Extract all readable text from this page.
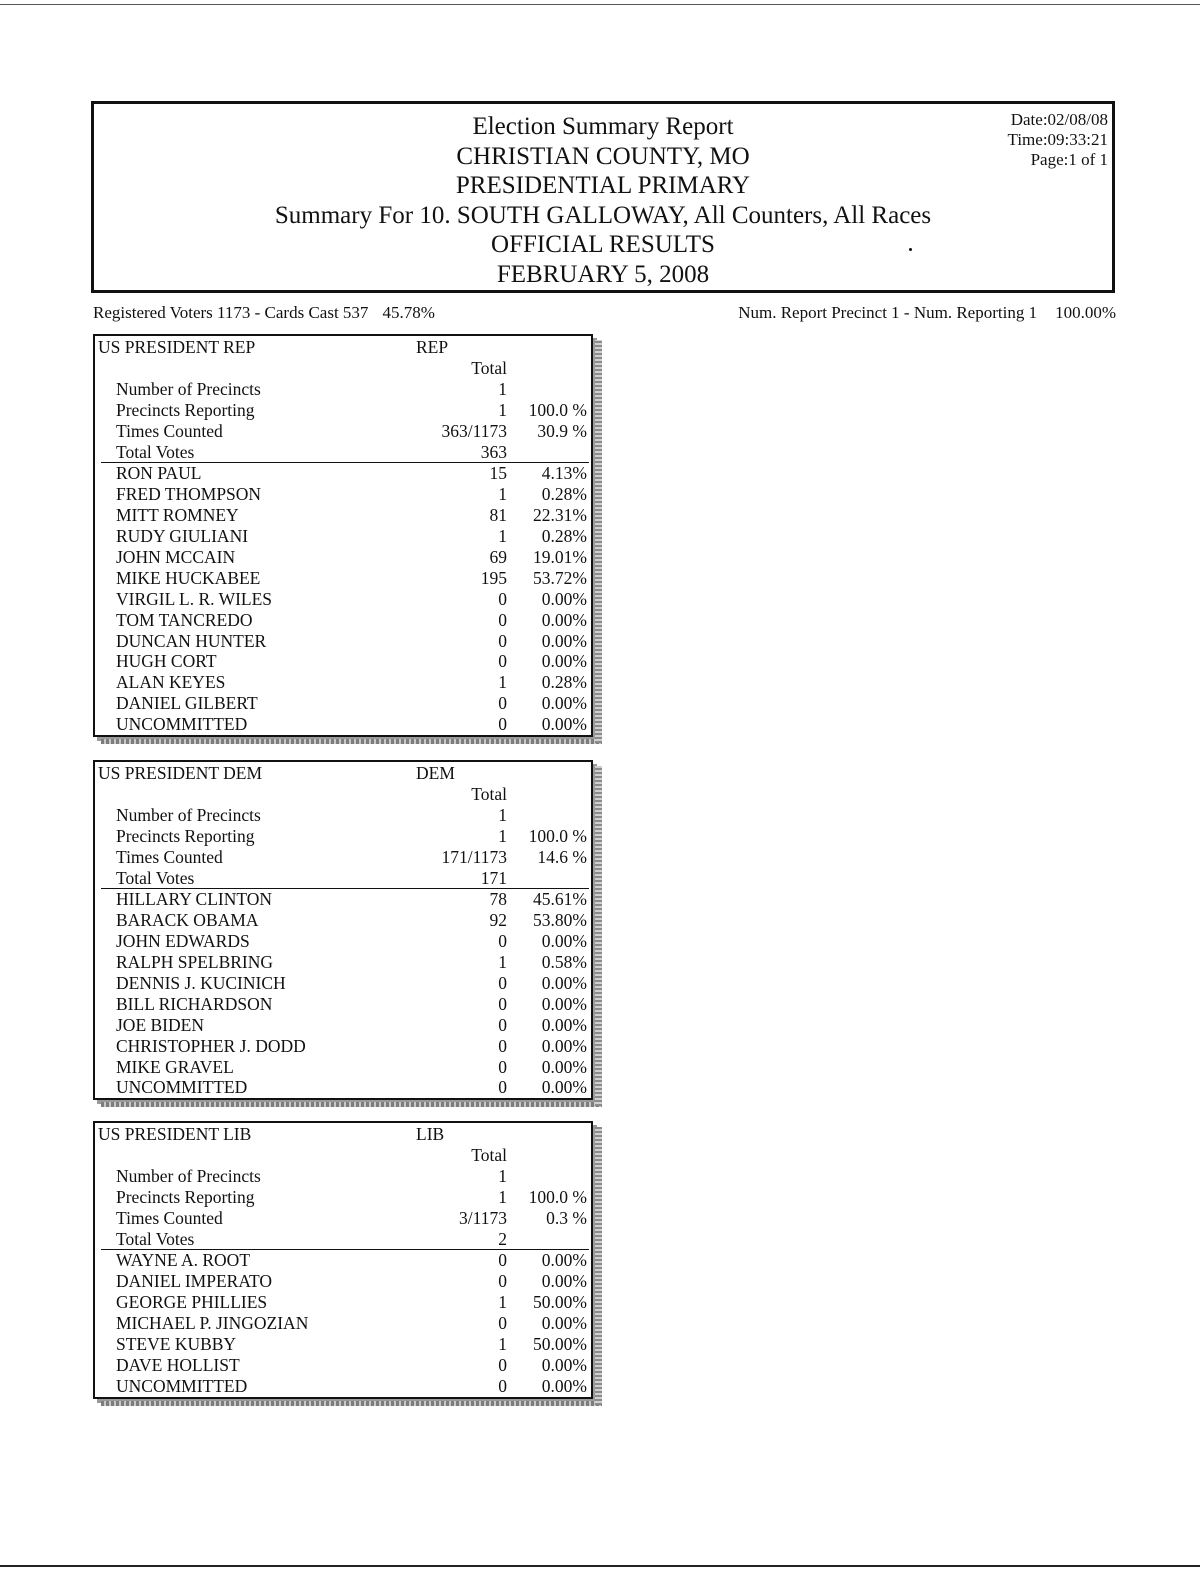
Election Summary Report
CHRISTIAN COUNTY, MO
PRESIDENTIAL PRIMARY
Summary For 10. SOUTH GALLOWAY, All Counters, All Races
OFFICIAL RESULTS
FEBRUARY 5, 2008
Date:02/08/08
Time:09:33:21
Page:1 of 1
Registered Voters 1173 - Cards Cast 537 45.78%	Num. Report Precinct 1 - Num. Reporting 1 100.00%
US PRESIDENT REP	REP
Total
Number of Precincts	1
Precincts Reporting	1 100.0 %
Times Counted	363/1173 30.9 %
Total Votes	363
RON PAUL	15 4.13%
FRED THOMPSON	1 0.28%
MITT ROMNEY	81 22.31%
RUDY GIULIANI	1 0.28%
JOHN MCCAIN	69 19.01%
MIKE HUCKABEE	195 53.72%
VIRGIL L. R. WILES	0 0.00%
TOM TANCREDO	0 0.00%
DUNCAN HUNTER	0 0.00%
HUGH CORT	0 0.00%
ALAN KEYES	1 0.28%
DANIEL GILBERT	0 0.00%
UNCOMMITTED	0 0.00%
US PRESIDENT DEM	DEM
Total
Number of Precincts	1
Precincts Reporting	1 100.0 %
Times Counted	171/1173 14.6 %
Total Votes	171
HILLARY CLINTON	78 45.61%
BARACK OBAMA	92 53.80%
JOHN EDWARDS	0 0.00%
RALPH SPELBRING	1 0.58%
DENNIS J. KUCINICH	0 0.00%
BILL RICHARDSON	0 0.00%
JOE BIDEN	0 0.00%
CHRISTOPHER J. DODD	0 0.00%
MIKE GRAVEL	0 0.00%
UNCOMMITTED	0 0.00%
US PRESIDENT LIB	LIB
Total
Number of Precincts	1
Precincts Reporting	1 100.0 %
Times Counted	3/1173 0.3 %
Total Votes	2
WAYNE A. ROOT	0 0.00%
DANIEL IMPERATO	0 0.00%
GEORGE PHILLIES	1 50.00%
MICHAEL P. JINGOZIAN	0 0.00%
STEVE KUBBY	1 50.00%
DAVE HOLLIST	0 0.00%
UNCOMMITTED	0 0.00%
